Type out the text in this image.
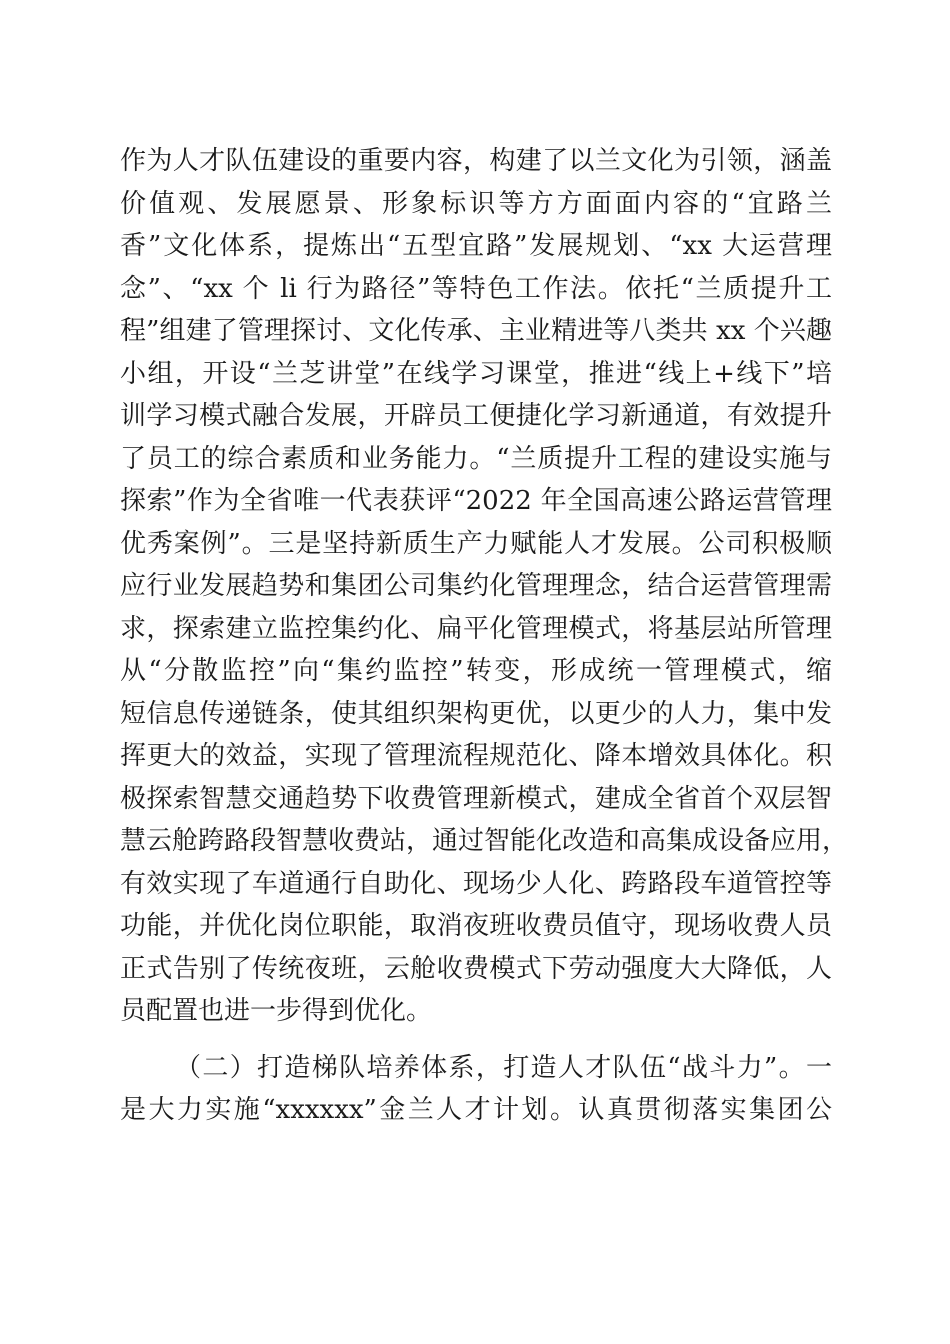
作为人才队伍建设的重要内容，构建了以兰文化为引领，涵盖
价值观、发展愿景、形象标识等方方面面内容的“宜路兰
香”文化体系，提炼出“五型宜路”发展规划、“xx 大运营理
念”、“xx 个 li 行为路径”等特色工作法。依托“兰质提升工
程”组建了管理探讨、文化传承、主业精进等八类共 xx 个兴趣
小组，开设“兰芝讲堂”在线学习课堂，推进“线上+线下”培
训学习模式融合发展，开辟员工便捷化学习新通道，有效提升
了员工的综合素质和业务能力。“兰质提升工程的建设实施与
探索”作为全省唯一代表获评“2022 年全国高速公路运营管理
优秀案例”。三是坚持新质生产力赋能人才发展。公司积极顺
应行业发展趋势和集团公司集约化管理理念，结合运营管理需
求，探索建立监控集约化、扁平化管理模式，将基层站所管理
从“分散监控”向“集约监控”转变，形成统一管理模式，缩
短信息传递链条，使其组织架构更优，以更少的人力，集中发
挥更大的效益，实现了管理流程规范化、降本增效具体化。积
极探索智慧交通趋势下收费管理新模式，建成全省首个双层智
慧云舱跨路段智慧收费站，通过智能化改造和高集成设备应用，
有效实现了车道通行自助化、现场少人化、跨路段车道管控等
功能，并优化岗位职能，取消夜班收费员值守，现场收费人员
正式告别了传统夜班，云舱收费模式下劳动强度大大降低，人
员配置也进一步得到优化。
（二）打造梯队培养体系，打造人才队伍“战斗力”。一
是大力实施“xxxxxx”金兰人才计划。认真贯彻落实集团公
